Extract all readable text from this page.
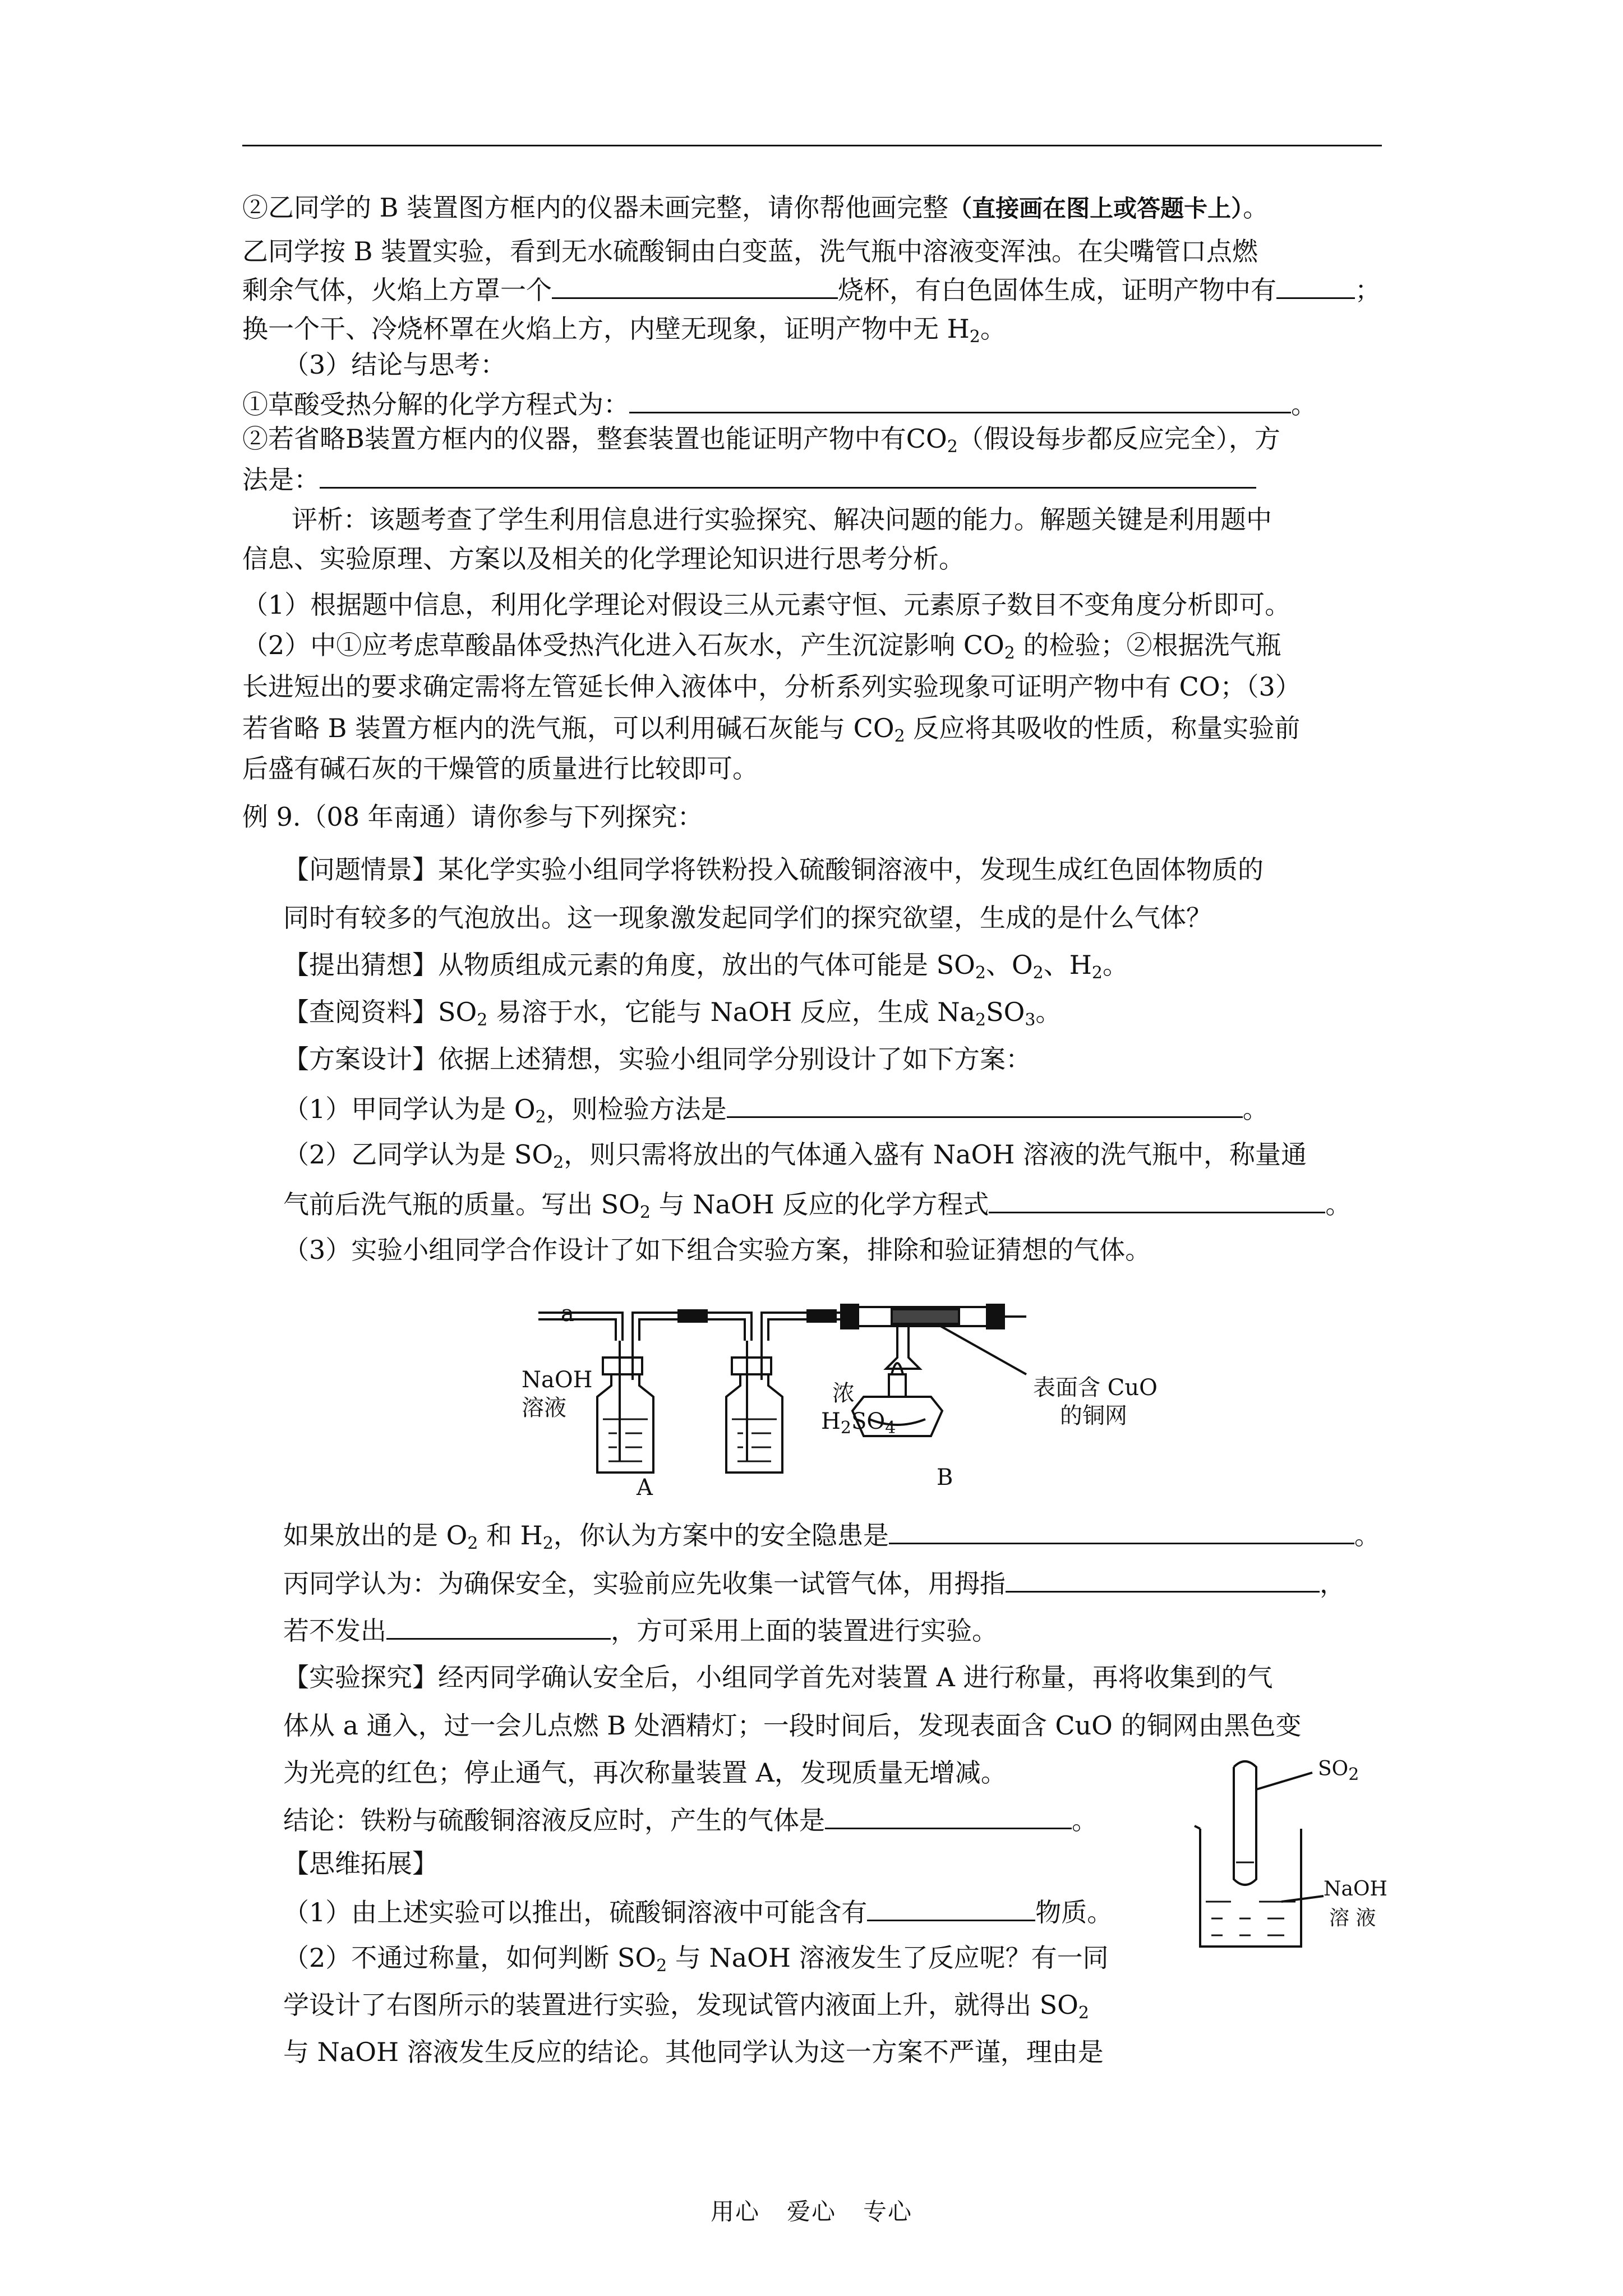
②乙同学的 B 装置图方框内的仪器未画完整，请你帮他画完整（直接画在图上或答题卡上）。
乙同学按 B 装置实验，看到无水硫酸铜由白变蓝，洗气瓶中溶液变浑浊。在尖嘴管口点燃
剩余气体，火焰上方罩一个	烧杯，有白色固体生成，证明产物中有	；
换一个干、冷烧杯罩在火焰上方，内壁无现象，证明产物中无 $H_2$。
（3）结论与思考：
①草酸受热分解的化学方程式为：	。
②若省略B装置方框内的仪器，整套装置也能证明产物中有$CO_2$（假设每步都反应完全），方
法是：
评析：该题考查了学生利用信息进行实验探究、解决问题的能力。解题关键是利用题中
信息、实验原理、方案以及相关的化学理论知识进行思考分析。
（1）根据题中信息，利用化学理论对假设三从元素守恒、元素原子数目不变角度分析即可。
（2）中①应考虑草酸晶体受热汽化进入石灰水，产生沉淀影响 $CO_2$ 的检验；②根据洗气瓶
长进短出的要求确定需将左管延长伸入液体中，分析系列实验现象可证明产物中有 CO；（3）
若省略 B 装置方框内的洗气瓶，可以利用碱石灰能与 $CO_2$ 反应将其吸收的性质，称量实验前
后盛有碱石灰的干燥管的质量进行比较即可。
例 9.（08 年南通）请你参与下列探究：
【问题情景】某化学实验小组同学将铁粉投入硫酸铜溶液中，发现生成红色固体物质的
同时有较多的气泡放出。这一现象激发起同学们的探究欲望，生成的是什么气体？
【提出猜想】从物质组成元素的角度，放出的气体可能是 $SO_2$、$O_2$、$H_2$。
【查阅资料】$SO_2$ 易溶于水，它能与 NaOH 反应，生成 $Na_2SO_3$。
【方案设计】依据上述猜想，实验小组同学分别设计了如下方案：
（1）甲同学认为是 $O_2$，则检验方法是	。
（2）乙同学认为是 $SO_2$，则只需将放出的气体通入盛有 NaOH 溶液的洗气瓶中，称量通
气前后洗气瓶的质量。写出 $SO_2$ 与 NaOH 反应的化学方程式	。
（3）实验小组同学合作设计了如下组合实验方案，排除和验证猜想的气体。
a
NaOH
溶液
浓
$H_2SO_4$
表面含 CuO
的铜网
A	B
如果放出的是 $O_2$ 和 $H_2$，你认为方案中的安全隐患是	。
丙同学认为：为确保安全，实验前应先收集一试管气体，用拇指	，
若不发出	，方可采用上面的装置进行实验。
【实验探究】经丙同学确认安全后，小组同学首先对装置 A 进行称量，再将收集到的气
体从 a 通入，过一会儿点燃 B 处酒精灯；一段时间后，发现表面含 CuO 的铜网由黑色变
为光亮的红色；停止通气，再次称量装置 A，发现质量无增减。
结论：铁粉与硫酸铜溶液反应时，产生的气体是	。
【思维拓展】
（1）由上述实验可以推出，硫酸铜溶液中可能含有	物质。
（2）不通过称量，如何判断 $SO_2$ 与 NaOH 溶液发生了反应呢？有一同
学设计了右图所示的装置进行实验，发现试管内液面上升，就得出 $SO_2$
与 NaOH 溶液发生反应的结论。其他同学认为这一方案不严谨，理由是
$SO_2$
NaOH
溶 液
用心 爱心 专心
